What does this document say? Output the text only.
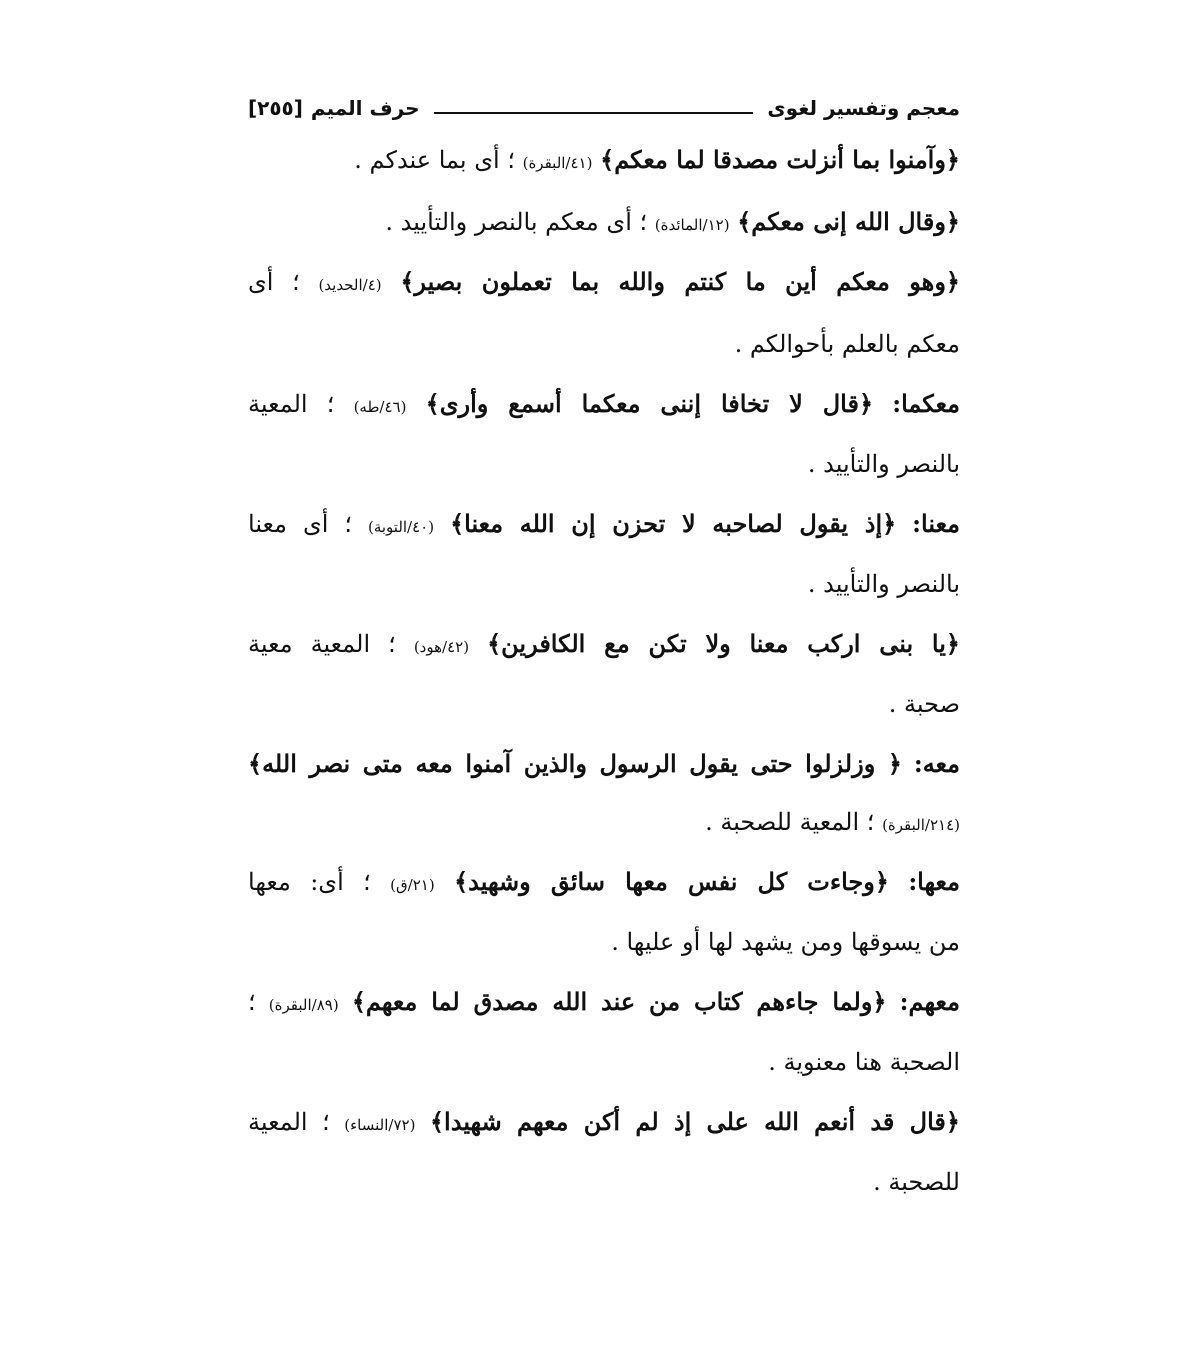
معجم وتفسير لغوى
حرف الميم
[٢٥٥]
﴿وآمنوا بما أنزلت مصدقا لما معكم﴾ (٤١/البقرة) ؛ أى بما عندكم .
﴿وقال الله إنى معكم﴾ (١٢/المائدة) ؛ أى معكم بالنصر والتأييد .
﴿وهو معكم أين ما كنتم والله بما تعملون بصير﴾ (٤/الحديد) ؛ أى
معكم بالعلم بأحوالكم .
معكما: ﴿قال لا تخافا إننى معكما أسمع وأرى﴾ (٤٦/طه) ؛ المعية
بالنصر والتأييد .
معنا: ﴿إذ يقول لصاحبه لا تحزن إن الله معنا﴾ (٤٠/التوبة) ؛ أى معنا
بالنصر والتأييد .
﴿يا بنى اركب معنا ولا تكن مع الكافرين﴾ (٤٢/هود) ؛ المعية معية
صحبة .
معه: ﴿ وزلزلوا حتى يقول الرسول والذين آمنوا معه متى نصر الله﴾
(٢١٤/البقرة) ؛ المعية للصحبة .
معها: ﴿وجاءت كل نفس معها سائق وشهيد﴾ (٢١/ق) ؛ أى: معها
من يسوقها ومن يشهد لها أو عليها .
معهم: ﴿ولما جاءهم كتاب من عند الله مصدق لما معهم﴾ (٨٩/البقرة) ؛
الصحبة هنا معنوية .
﴿قال قد أنعم الله على إذ لم أكن معهم شهيدا﴾ (٧٢/النساء) ؛ المعية
للصحبة .
